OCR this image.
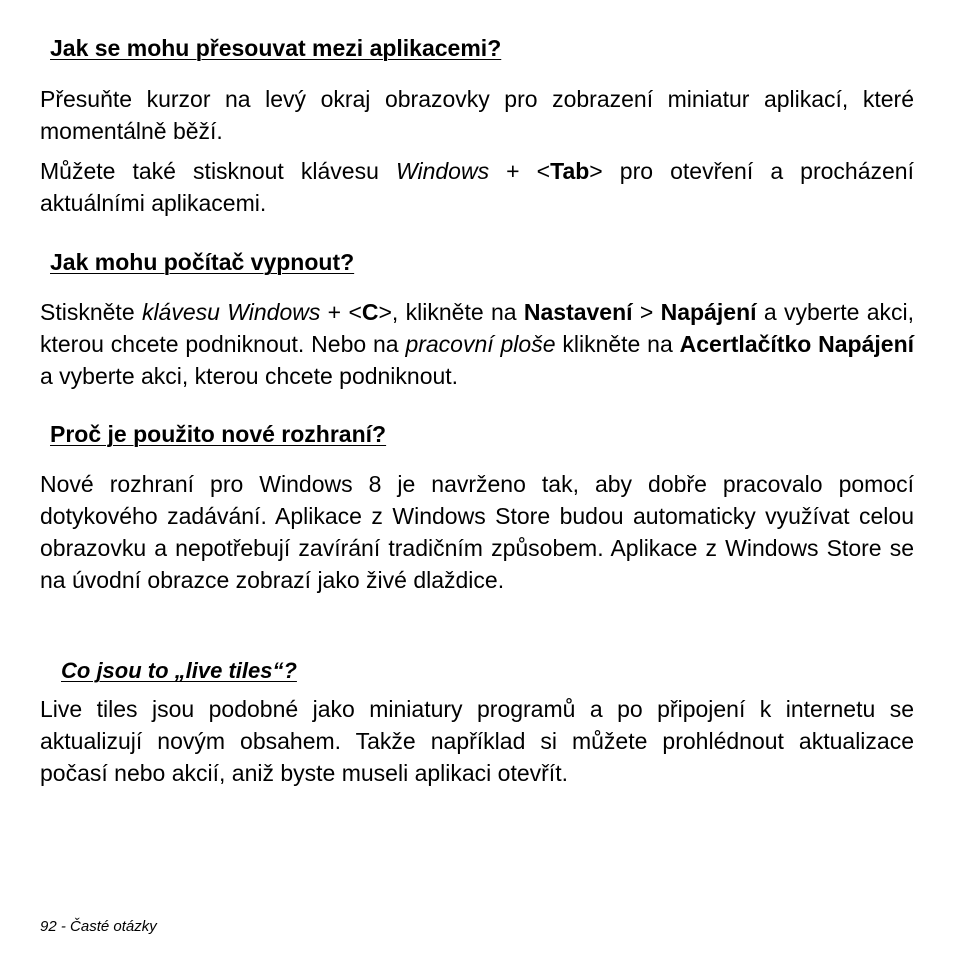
Jak se mohu přesouvat mezi aplikacemi?

Přesuňte kurzor na levý okraj obrazovky pro zobrazení miniatur aplikací, které momentálně běží.

Můžete také stisknout klávesu Windows + <Tab> pro otevření a procházení aktuálními aplikacemi.

Jak mohu počítač vypnout?

Stiskněte klávesu Windows + <C>, klikněte na Nastavení > Napájení a vyberte akci, kterou chcete podniknout. Nebo na pracovní ploše klikněte na Acertlačítko Napájení a vyberte akci, kterou chcete podniknout.

Proč je použito nové rozhraní?

Nové rozhraní pro Windows 8 je navrženo tak, aby dobře pracovalo pomocí dotykového zadávání. Aplikace z Windows Store budou automaticky využívat celou obrazovku a nepotřebují zavírání tradičním způsobem. Aplikace z Windows Store se na úvodní obrazce zobrazí jako živé dlaždice.

Co jsou to „live tiles“?

Live tiles jsou podobné jako miniatury programů a po připojení k internetu se aktualizují novým obsahem. Takže například si můžete prohlédnout aktualizace počasí nebo akcií, aniž byste museli aplikaci otevřít.

92 - Časté otázky
